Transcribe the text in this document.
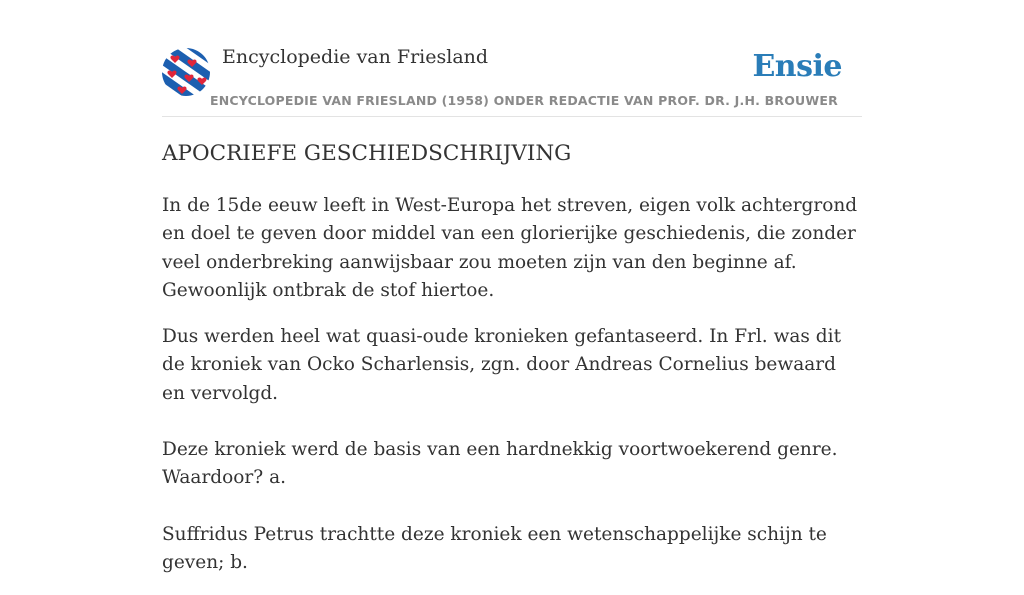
Encyclopedie van Friesland
ENCYCLOPEDIE VAN FRIESLAND (1958) ONDER REDACTIE VAN PROF. DR. J.H. BROUWER
Ensie
APOCRIEFE GESCHIEDSCHRIJVING

In de 15de eeuw leeft in West-Europa het streven, eigen volk achtergrond en doel te geven door middel van een glorierijke geschiedenis, die zonder veel onderbreking aanwijsbaar zou moeten zijn van den beginne af. Gewoonlijk ontbrak de stof hiertoe.

Dus werden heel wat quasi-oude kronieken gefantaseerd. In Frl. was dit de kroniek van Ocko Scharlensis, zgn. door Andreas Cornelius bewaard en vervolgd.

Deze kroniek werd de basis van een hardnekkig voortwoekerend genre. Waardoor? a.

Suffridus Petrus trachtte deze kroniek een wetenschappelijke schijn te geven; b.
